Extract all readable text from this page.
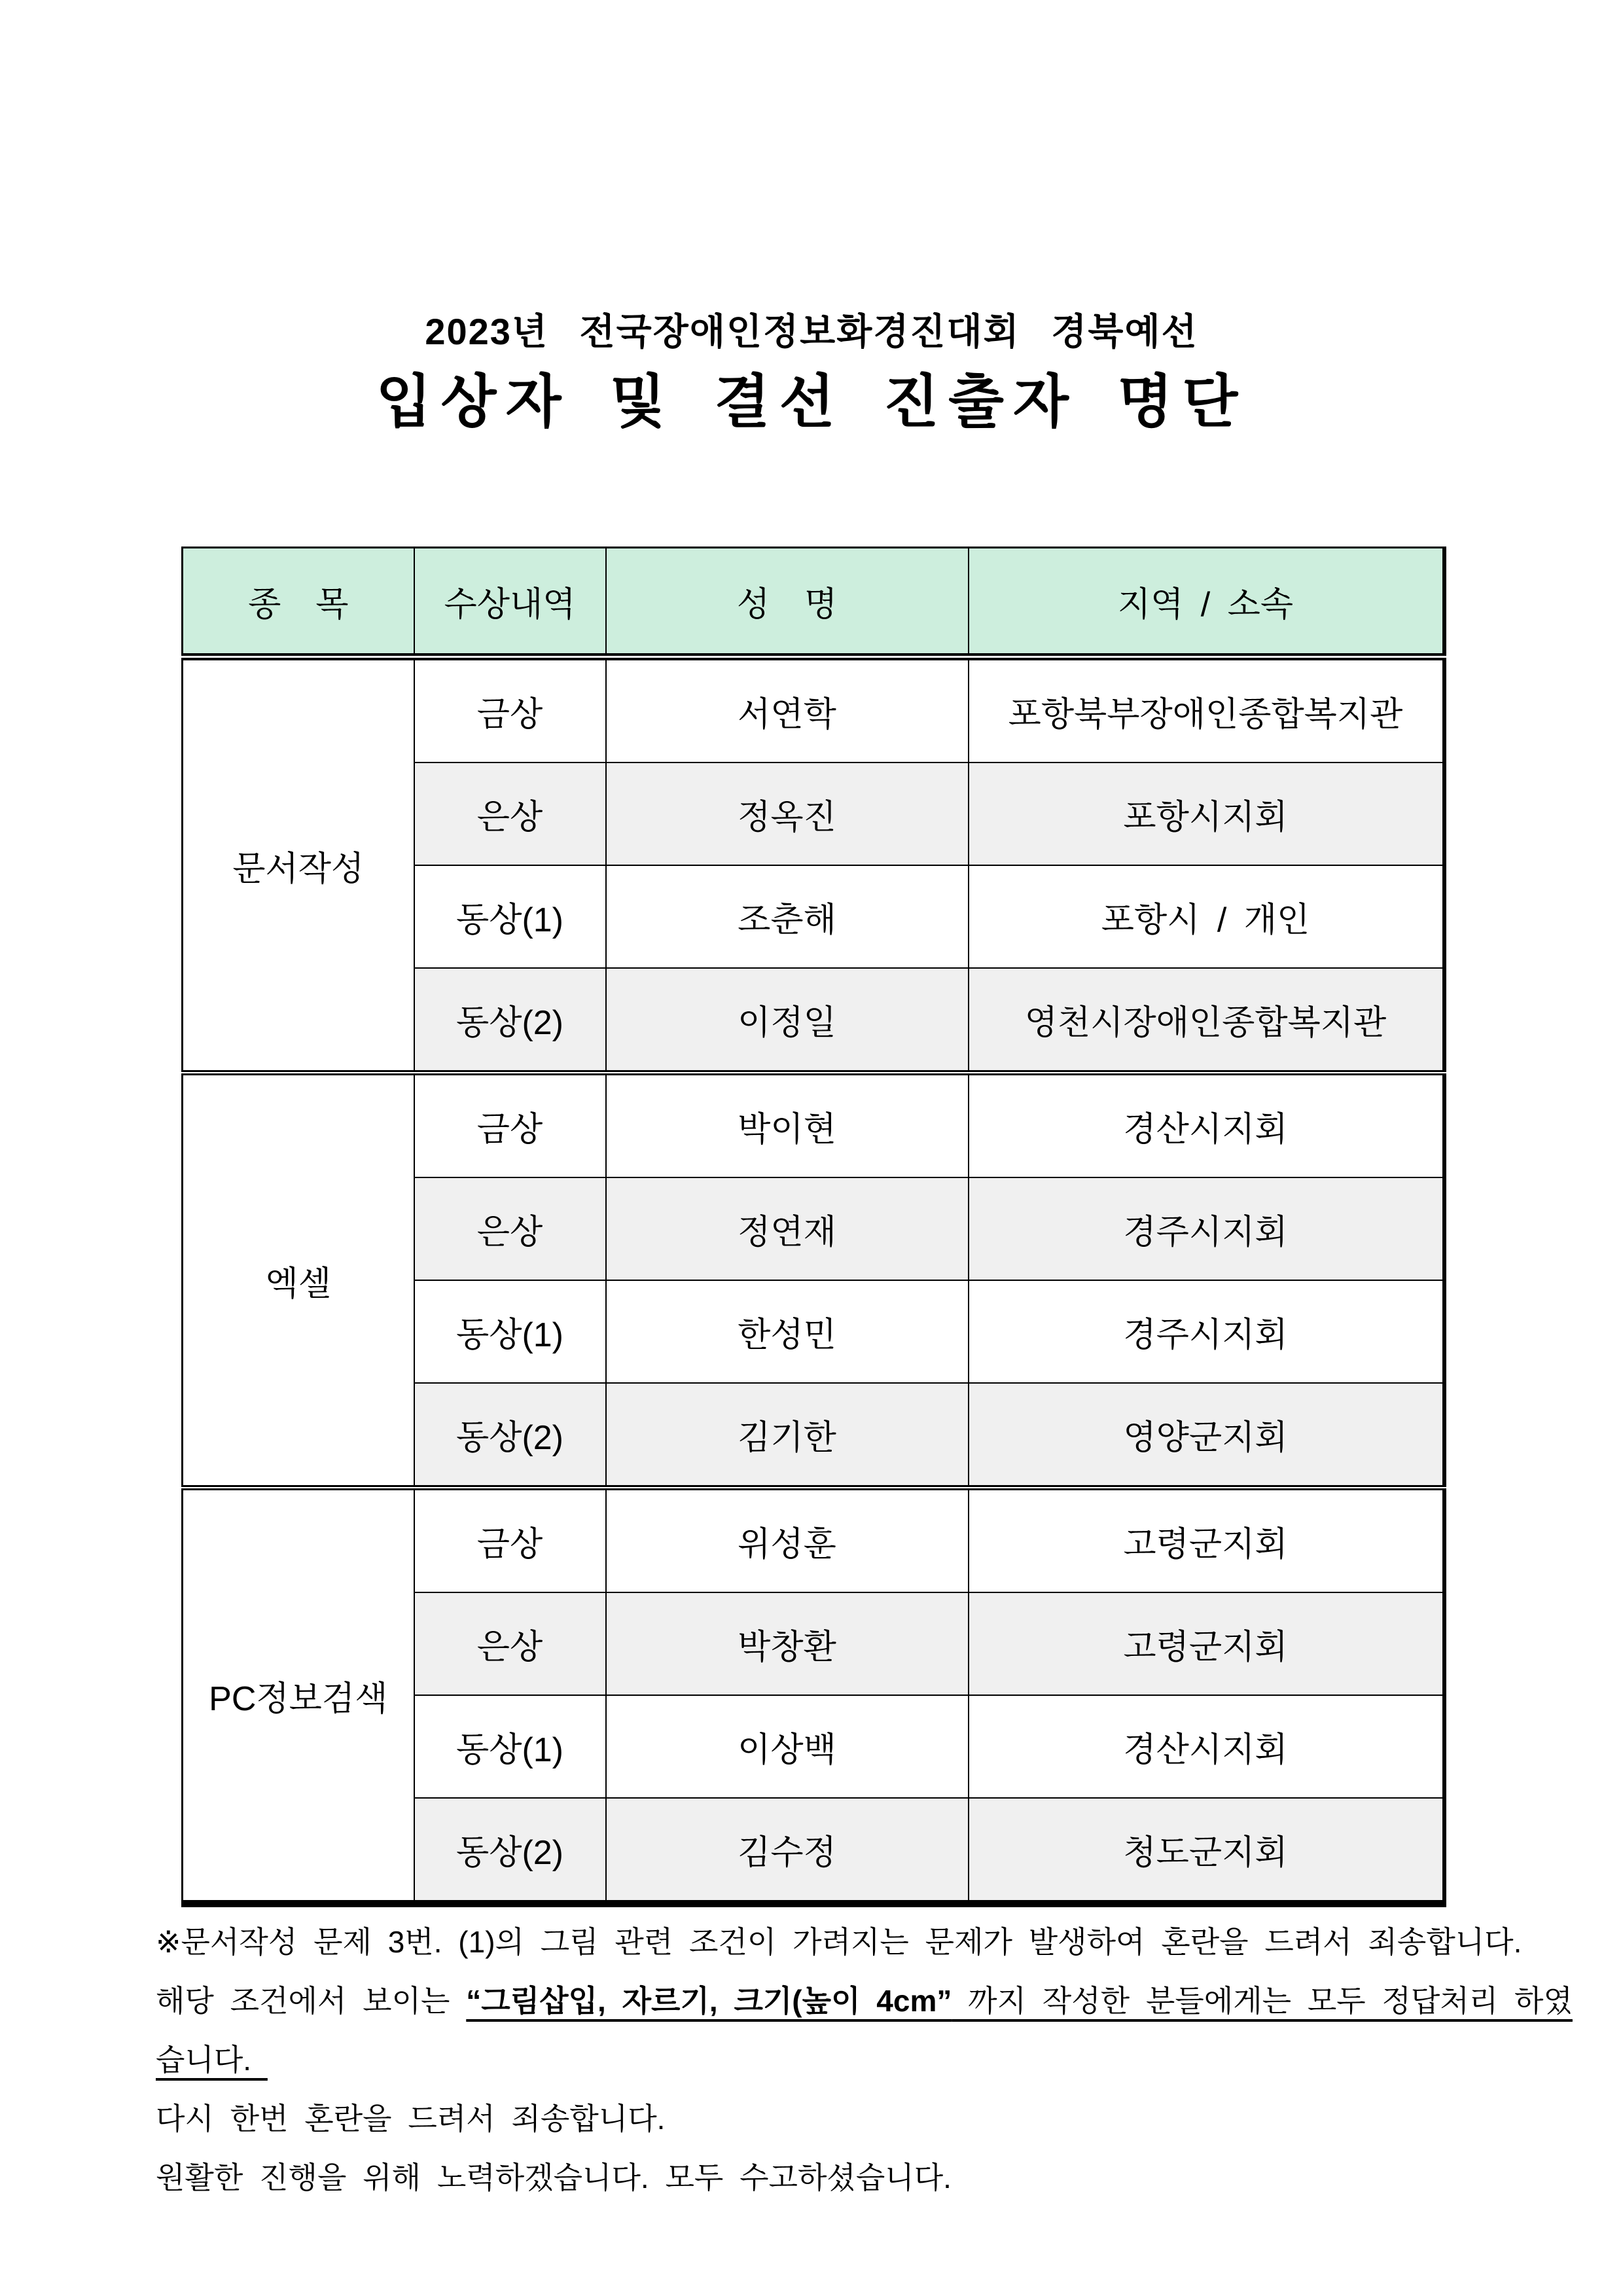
2023년 전국장애인정보화경진대회 경북예선
입상자 및 결선 진출자 명단
종  목	수상내역	성  명	지역 / 소속
문서작성	금상	서연학	포항북부장애인종합복지관
	은상	정옥진	포항시지회
	동상(1)	조춘해	포항시 / 개인
	동상(2)	이정일	영천시장애인종합복지관
엑셀	금상	박이현	경산시지회
	은상	정연재	경주시지회
	동상(1)	한성민	경주시지회
	동상(2)	김기한	영양군지회
PC정보검색	금상	위성훈	고령군지회
	은상	박창환	고령군지회
	동상(1)	이상백	경산시지회
	동상(2)	김수정	청도군지회
※문서작성 문제 3번. (1)의 그림 관련 조건이 가려지는 문제가 발생하여 혼란을 드려서 죄송합니다.
해당 조건에서 보이는 “그림삽입, 자르기, 크기(높이 4cm” 까지 작성한 분들에게는 모두 정답처리 하였
습니다.
다시 한번 혼란을 드려서 죄송합니다.
원활한 진행을 위해 노력하겠습니다. 모두 수고하셨습니다.
